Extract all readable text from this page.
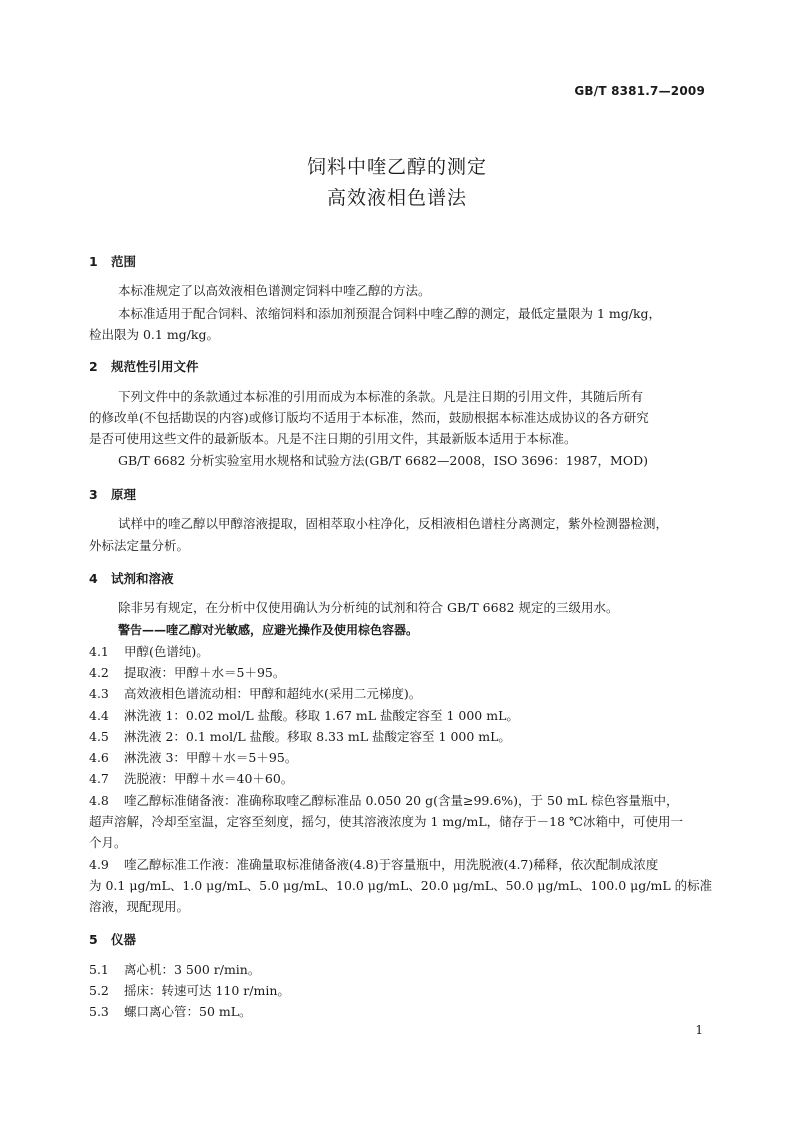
GB/T 8381.7—2009
饲料中喹乙醇的测定
高效液相色谱法
1 范围
本标准规定了以高效液相色谱测定饲料中喹乙醇的方法。
本标准适用于配合饲料、浓缩饲料和添加剂预混合饲料中喹乙醇的测定，最低定量限为 1 mg/kg，
检出限为 0.1 mg/kg。
2 规范性引用文件
下列文件中的条款通过本标准的引用而成为本标准的条款。凡是注日期的引用文件，其随后所有
的修改单(不包括勘误的内容)或修订版均不适用于本标准，然而，鼓励根据本标准达成协议的各方研究
是否可使用这些文件的最新版本。凡是不注日期的引用文件，其最新版本适用于本标准。
GB/T 6682 分析实验室用水规格和试验方法(GB/T 6682—2008，ISO 3696：1987，MOD)
3 原理
试样中的喹乙醇以甲醇溶液提取，固相萃取小柱净化，反相液相色谱柱分离测定，紫外检测器检测，
外标法定量分析。
4 试剂和溶液
除非另有规定，在分析中仅使用确认为分析纯的试剂和符合 GB/T 6682 规定的三级用水。
警告——喹乙醇对光敏感，应避光操作及使用棕色容器。
4.1 甲醇(色谱纯)。
4.2 提取液：甲醇＋水＝5＋95。
4.3 高效液相色谱流动相：甲醇和超纯水(采用二元梯度)。
4.4 淋洗液 1：0.02 mol/L 盐酸。移取 1.67 mL 盐酸定容至 1 000 mL。
4.5 淋洗液 2：0.1 mol/L 盐酸。移取 8.33 mL 盐酸定容至 1 000 mL。
4.6 淋洗液 3：甲醇＋水＝5＋95。
4.7 洗脱液：甲醇＋水＝40＋60。
4.8 喹乙醇标准储备液：准确称取喹乙醇标准品 0.050 20 g(含量≥99.6%)，于 50 mL 棕色容量瓶中，
超声溶解，冷却至室温，定容至刻度，摇匀，使其溶液浓度为 1 mg/mL，储存于－18 ℃冰箱中，可使用一
个月。
4.9 喹乙醇标准工作液：准确量取标准储备液(4.8)于容量瓶中，用洗脱液(4.7)稀释，依次配制成浓度
为 0.1 μg/mL、1.0 μg/mL、5.0 μg/mL、10.0 μg/mL、20.0 μg/mL、50.0 μg/mL、100.0 μg/mL 的标准
溶液，现配现用。
5 仪器
5.1 离心机：3 500 r/min。
5.2 摇床：转速可达 110 r/min。
5.3 螺口离心管：50 mL。
1
